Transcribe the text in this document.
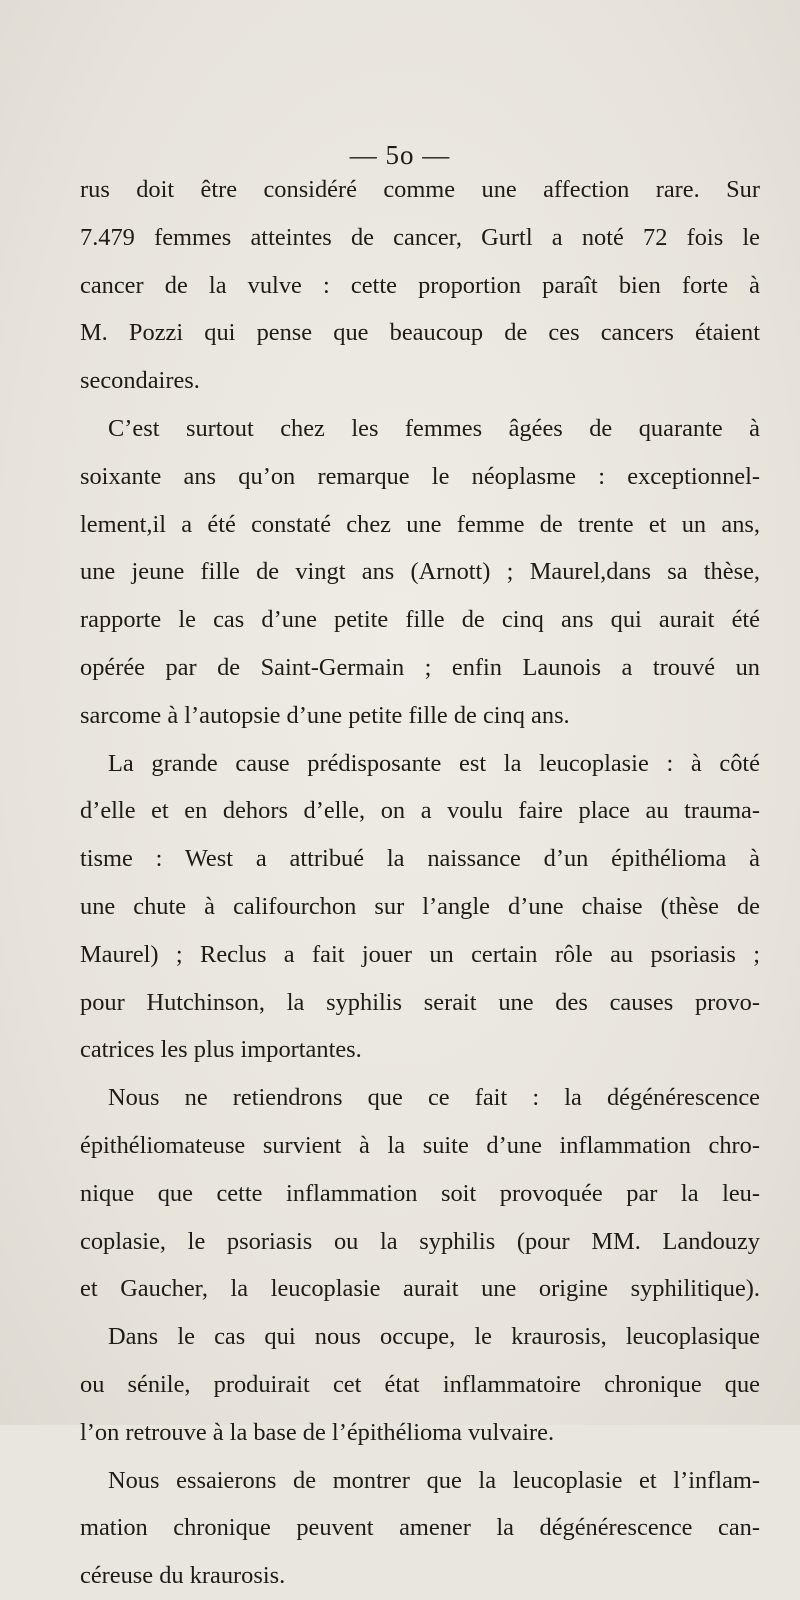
— 5o —
rus doit être considéré comme une affection rare. Sur
7.479 femmes atteintes de cancer, Gurtl a noté 72 fois le
cancer de la vulve : cette proportion paraît bien forte à
M. Pozzi qui pense que beaucoup de ces cancers étaient
secondaires.
C’est surtout chez les femmes âgées de quarante à
soixante ans qu’on remarque le néoplasme : exceptionnel-
lement,il a été constaté chez une femme de trente et un ans,
une jeune fille de vingt ans (Arnott) ; Maurel,dans sa thèse,
rapporte le cas d’une petite fille de cinq ans qui aurait été
opérée par de Saint-Germain ; enfin Launois a trouvé un
sarcome à l’autopsie d’une petite fille de cinq ans.
La grande cause prédisposante est la leucoplasie : à côté
d’elle et en dehors d’elle, on a voulu faire place au trauma-
tisme : West a attribué la naissance d’un épithélioma à
une chute à califourchon sur l’angle d’une chaise (thèse de
Maurel) ; Reclus a fait jouer un certain rôle au psoriasis ;
pour Hutchinson, la syphilis serait une des causes provo-
catrices les plus importantes.
Nous ne retiendrons que ce fait : la dégénérescence
épithéliomateuse survient à la suite d’une inflammation chro-
nique que cette inflammation soit provoquée par la leu-
coplasie, le psoriasis ou la syphilis (pour MM. Landouzy
et Gaucher, la leucoplasie aurait une origine syphilitique).
Dans le cas qui nous occupe, le kraurosis, leucoplasique
ou sénile, produirait cet état inflammatoire chronique que
l’on retrouve à la base de l’épithélioma vulvaire.
Nous essaierons de montrer que la leucoplasie et l’inflam-
mation chronique peuvent amener la dégénérescence can-
céreuse du kraurosis.
